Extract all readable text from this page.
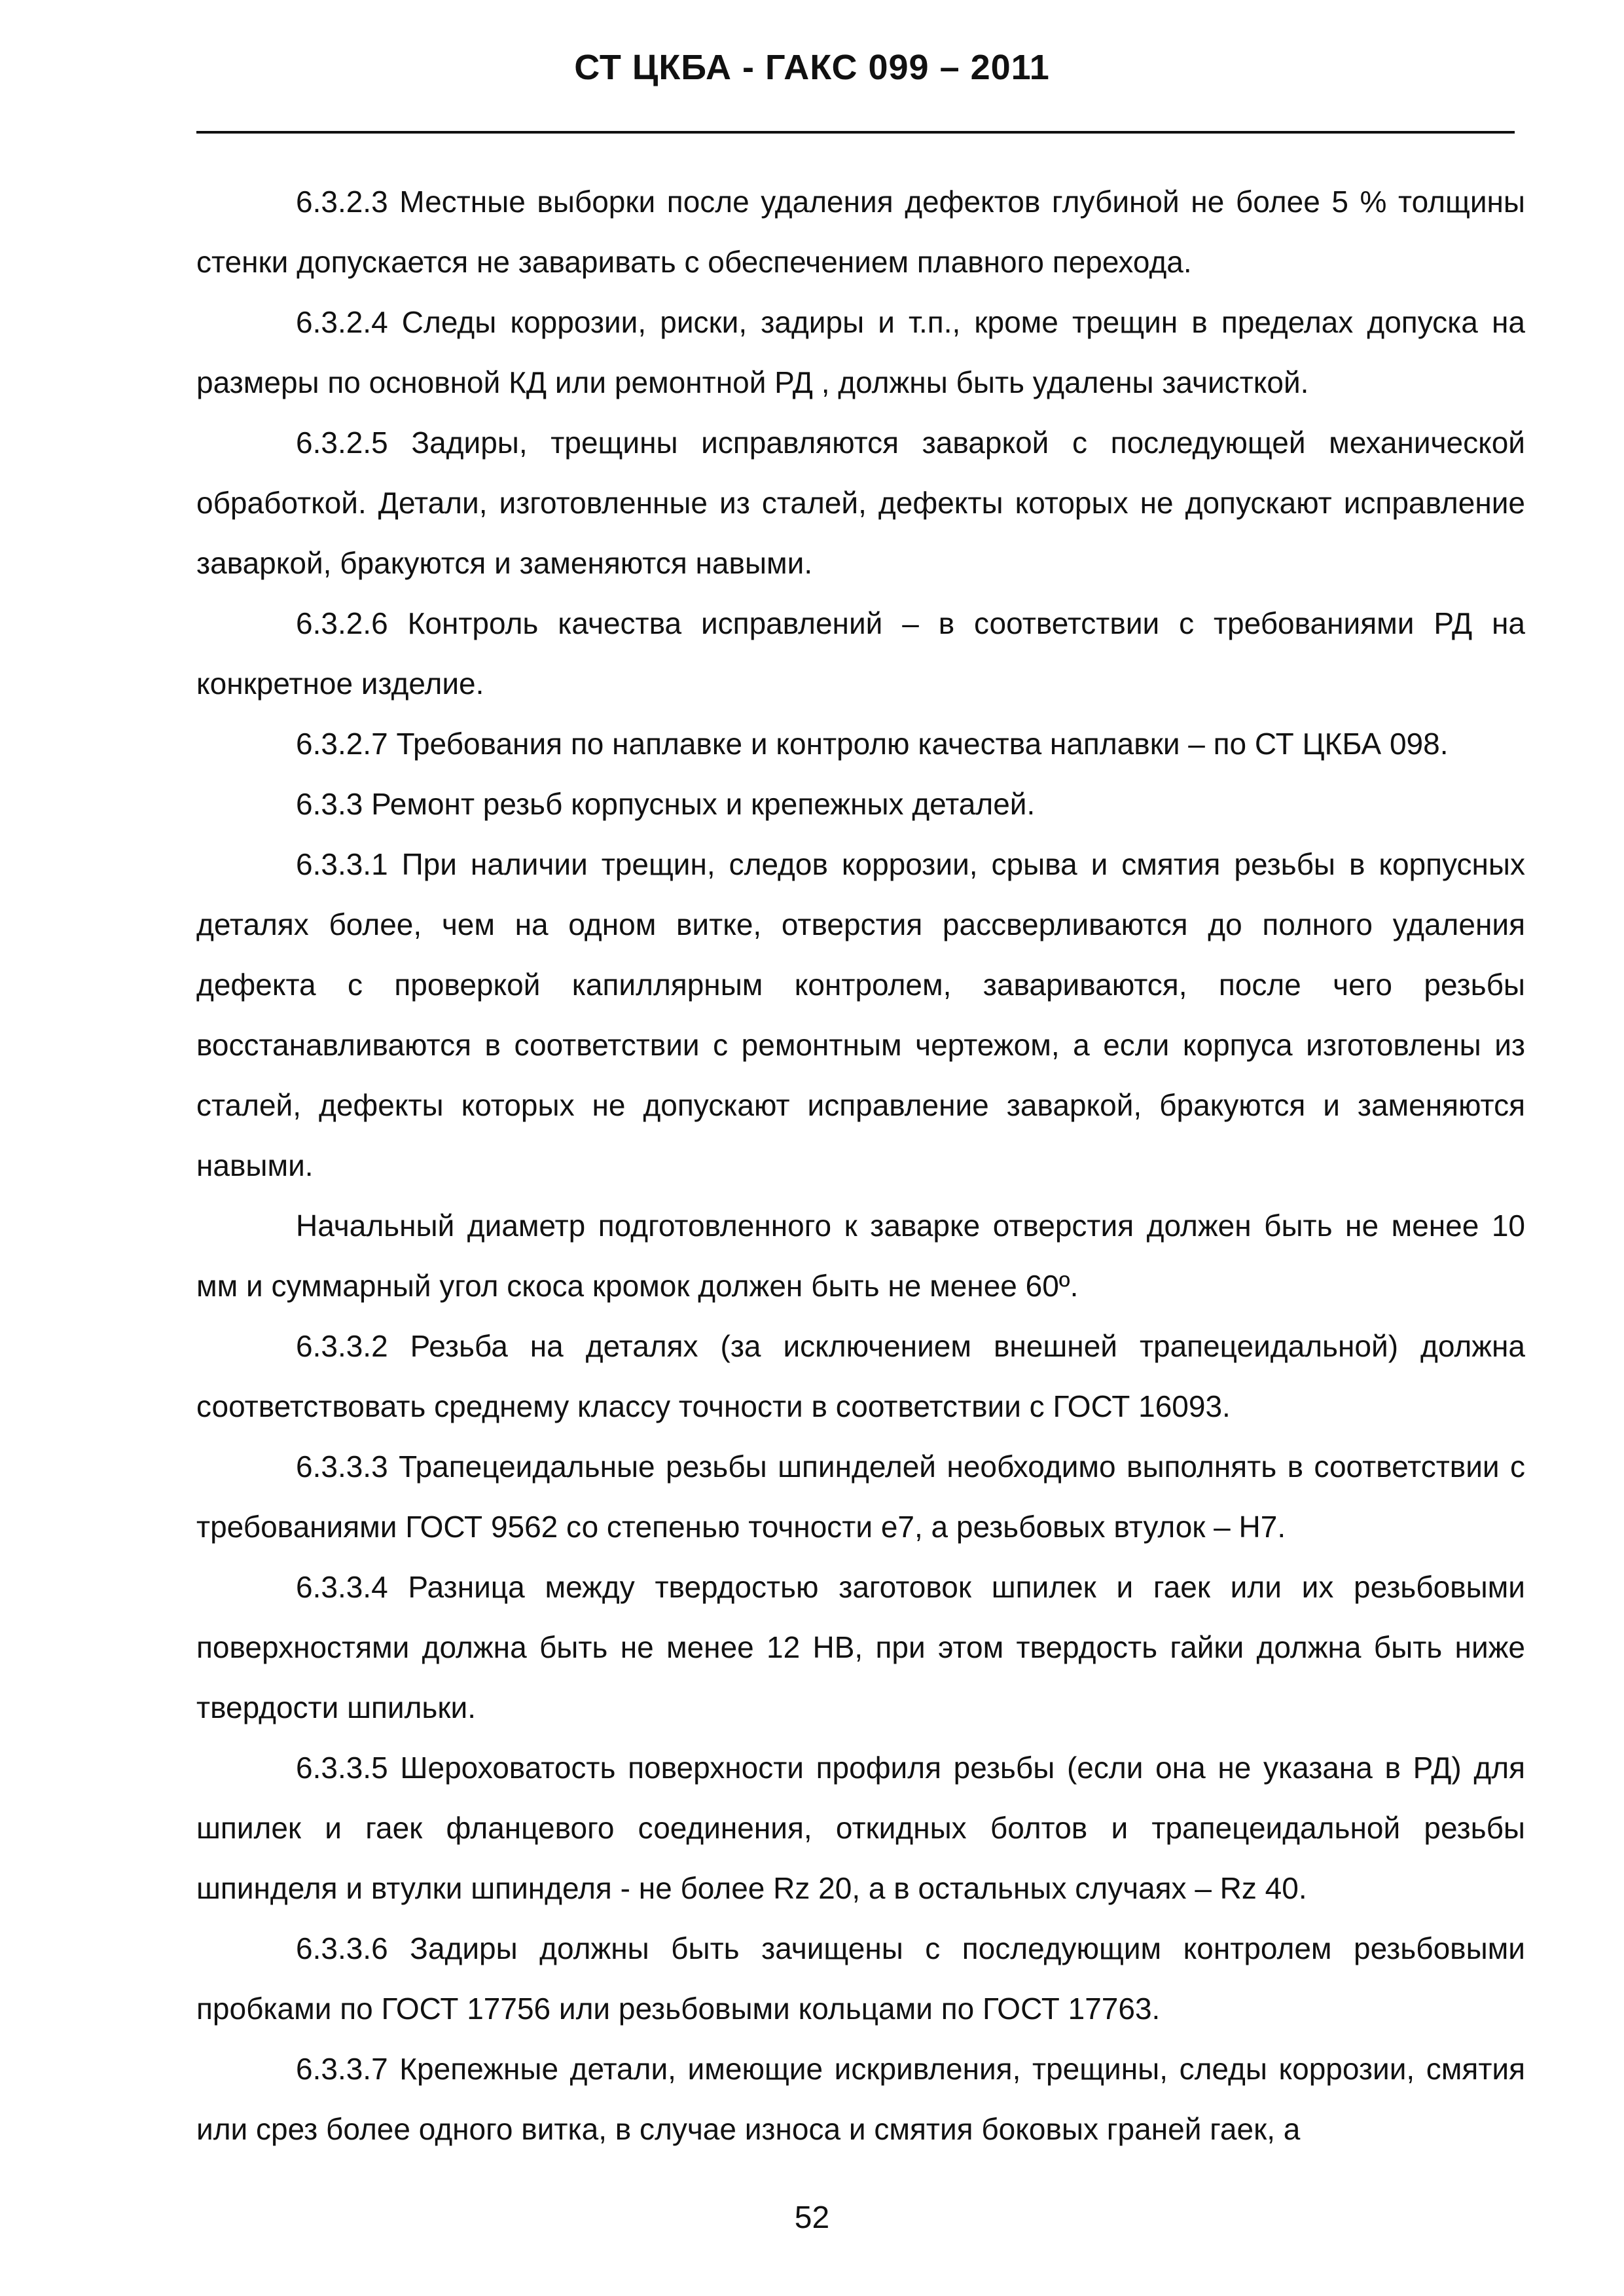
СТ ЦКБА - ГАКС 099 – 2011

6.3.2.3 Местные выборки после удаления дефектов глубиной не более 5 % толщины стенки допускается не заваривать с обеспечением плавного перехода.

6.3.2.4 Следы коррозии, риски, задиры и т.п., кроме трещин в пределах допуска на размеры по основной КД или ремонтной РД , должны быть удалены зачисткой.

6.3.2.5 Задиры, трещины исправляются заваркой с последующей механической обработкой. Детали, изготовленные из сталей, дефекты которых не допускают исправление заваркой, бракуются и заменяются навыми.

6.3.2.6 Контроль качества исправлений – в соответствии с требованиями РД на конкретное изделие.

6.3.2.7 Требования по наплавке и контролю качества наплавки – по СТ ЦКБА 098.

6.3.3 Ремонт резьб корпусных и крепежных деталей.

6.3.3.1 При наличии трещин, следов коррозии, срыва и смятия резьбы в корпусных деталях более, чем на одном витке, отверстия рассверливаются до полного удаления дефекта с проверкой капиллярным контролем, завариваются, после чего резьбы восстанавливаются в соответствии с ремонтным чертежом, а если корпуса изготовлены из сталей, дефекты которых не допускают исправление заваркой, бракуются и заменяются навыми.

Начальный диаметр подготовленного к заварке отверстия должен быть не менее 10 мм и суммарный угол скоса кромок должен быть не менее 60º.

6.3.3.2 Резьба на деталях (за исключением внешней трапецеидальной) должна соответствовать среднему классу точности в соответствии с ГОСТ 16093.

6.3.3.3 Трапецеидальные резьбы шпинделей необходимо выполнять в соответствии с требованиями ГОСТ 9562 со степенью точности е7, а резьбовых втулок – Н7.

6.3.3.4 Разница между твердостью заготовок шпилек и гаек или их резьбовыми поверхностями должна быть не менее 12 НВ, при этом твердость гайки должна быть ниже твердости шпильки.

6.3.3.5 Шероховатость поверхности профиля резьбы (если она не указана в РД) для шпилек и гаек фланцевого соединения, откидных болтов и трапецеидальной резьбы шпинделя и втулки шпинделя - не более Rz 20, а в остальных случаях – Rz 40.

6.3.3.6 Задиры должны быть зачищены с последующим контролем резьбовыми пробками по ГОСТ 17756 или резьбовыми кольцами по ГОСТ 17763.

6.3.3.7 Крепежные детали, имеющие искривления, трещины, следы коррозии, смятия или срез более одного витка, в случае износа и смятия боковых граней гаек, а

52
